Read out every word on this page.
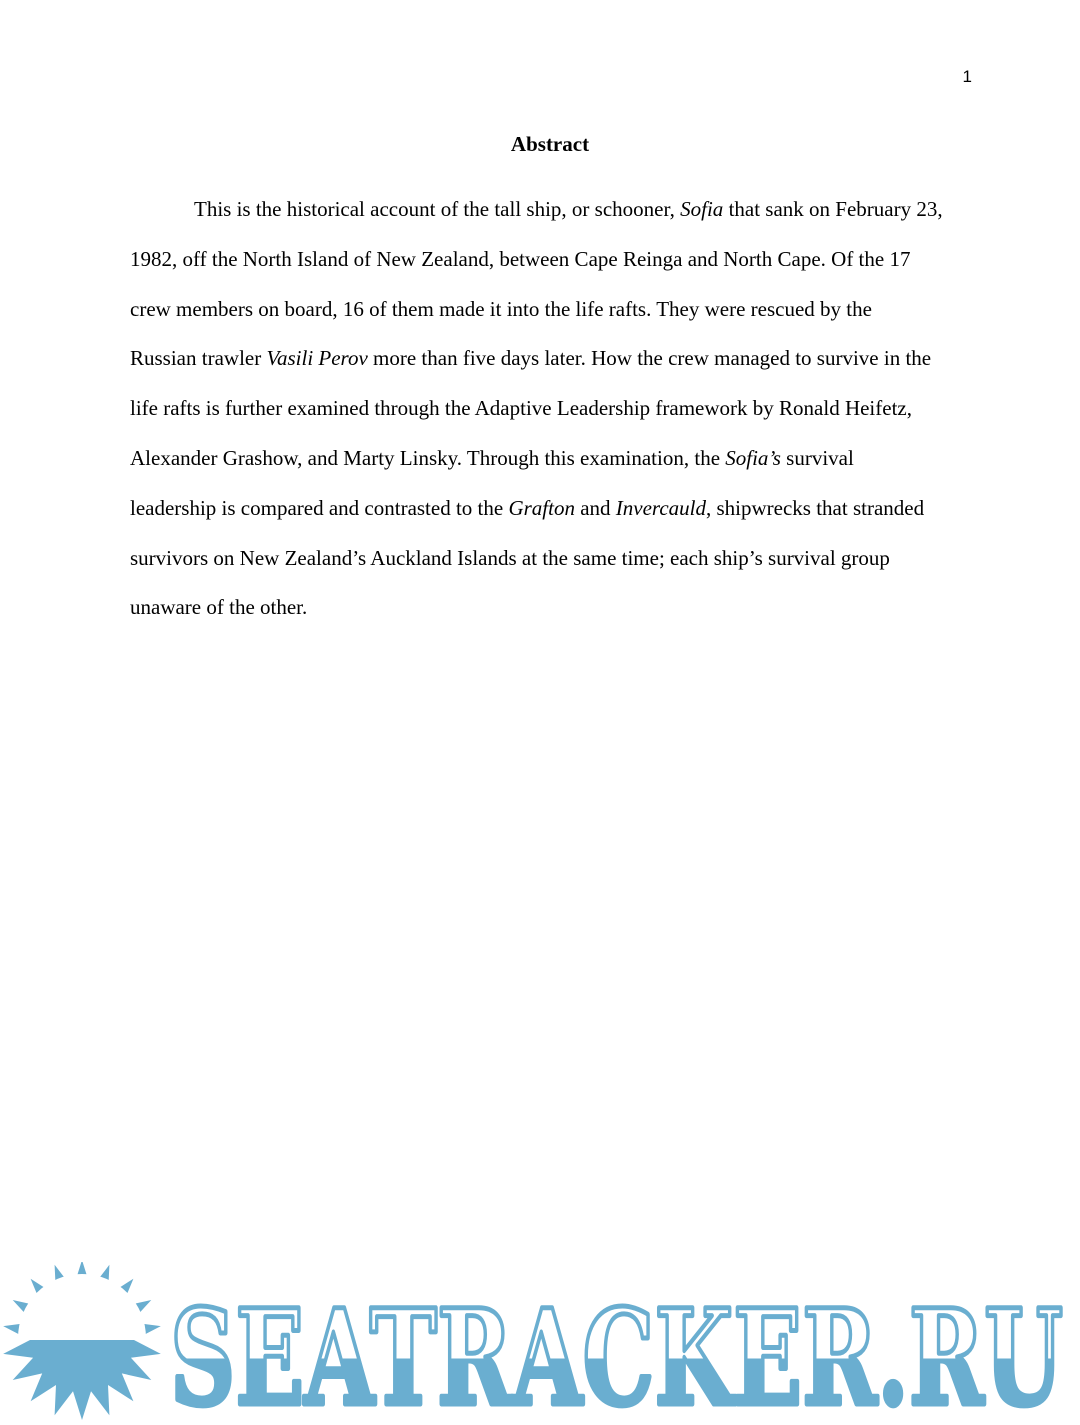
1
Abstract
This is the historical account of the tall ship, or schooner, Sofia that sank on February 23,
1982, off the North Island of New Zealand, between Cape Reinga and North Cape. Of the 17
crew members on board, 16 of them made it into the life rafts. They were rescued by the
Russian trawler Vasili Perov more than five days later. How the crew managed to survive in the
life rafts is further examined through the Adaptive Leadership framework by Ronald Heifetz,
Alexander Grashow, and Marty Linsky. Through this examination, the Sofia’s survival
leadership is compared and contrasted to the Grafton and Invercauld, shipwrecks that stranded
survivors on New Zealand’s Auckland Islands at the same time; each ship’s survival group
unaware of the other.
SEATRACKER.RU
